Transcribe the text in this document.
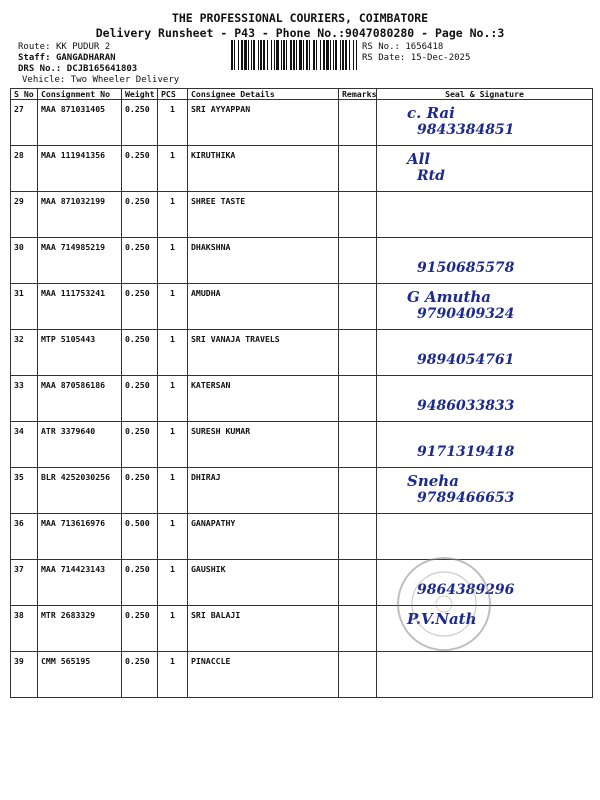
THE PROFESSIONAL COURIERS, COIMBATORE
Delivery Runsheet - P43 - Phone No.:9047080280 - Page No.:3
Route: KK PUDUR 2
Staff: GANGADHARAN
DRS No.: DCJB165641803
Vehicle: Two Wheeler Delivery
RS No.: 1656418
RS Date: 15-Dec-2025
S No	Consignment No	Weight	PCS	Consignee Details	Remarks	Seal & Signature
27	MAA 871031405	0.250	1	SRI AYYAPPAN		c. Rai
9843384851

28	MAA 111941356	0.250	1	KIRUTHIKA		All
Rtd

29	MAA 871032199	0.250	1	SHREE TASTE		

30	MAA 714985219	0.250	1	DHAKSHNA		9150685578

31	MAA 111753241	0.250	1	AMUDHA		G Amutha
9790409324

32	MTP 5105443	0.250	1	SRI VANAJA TRAVELS		9894054761

33	MAA 870586186	0.250	1	KATERSAN		9486033833

34	ATR 3379640	0.250	1	SURESH KUMAR		9171319418

35	BLR 4252030256	0.250	1	DHIRAJ		Sneha
9789466653

36	MAA 713616976	0.500	1	GANAPATHY		

37	MAA 714423143	0.250	1	GAUSHIK		9864389296

38	MTR 2683329	0.250	1	SRI BALAJI		P.V.Nath

39	CMM 565195	0.250	1	PINACCLE		
